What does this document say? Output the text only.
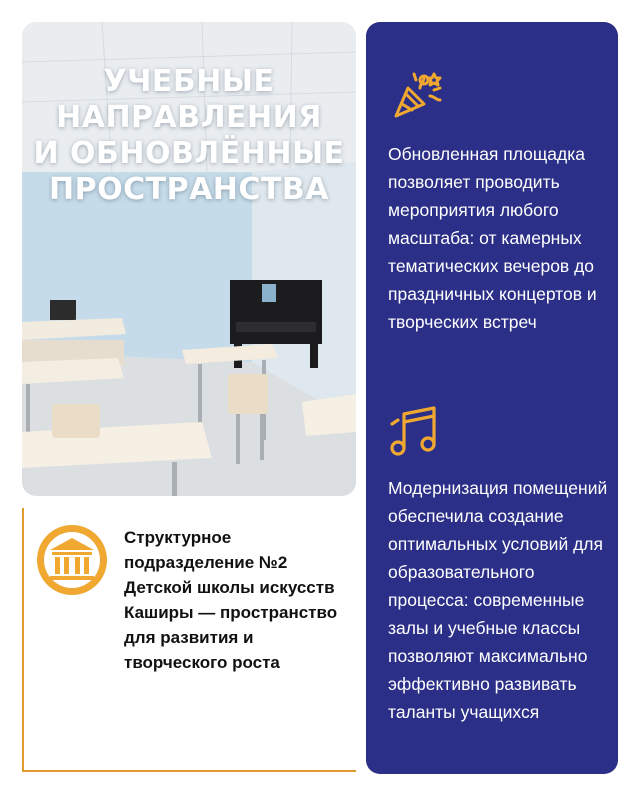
УЧЕБНЫЕ
НАПРАВЛЕНИЯ
И ОБНОВЛЁННЫЕ
ПРОСТРАНСТВА

Обновленная площадка позволяет проводить мероприятия любого масштаба: от камерных тематических вечеров до праздничных концертов и творческих встреч

Модернизация помещений обеспечила создание оптимальных условий для образовательного процесса: современные залы и учебные классы позволяют максимально эффективно развивать таланты учащихся

Структурное подразделение №2 Детской школы искусств Каширы — пространство для развития и творческого роста
